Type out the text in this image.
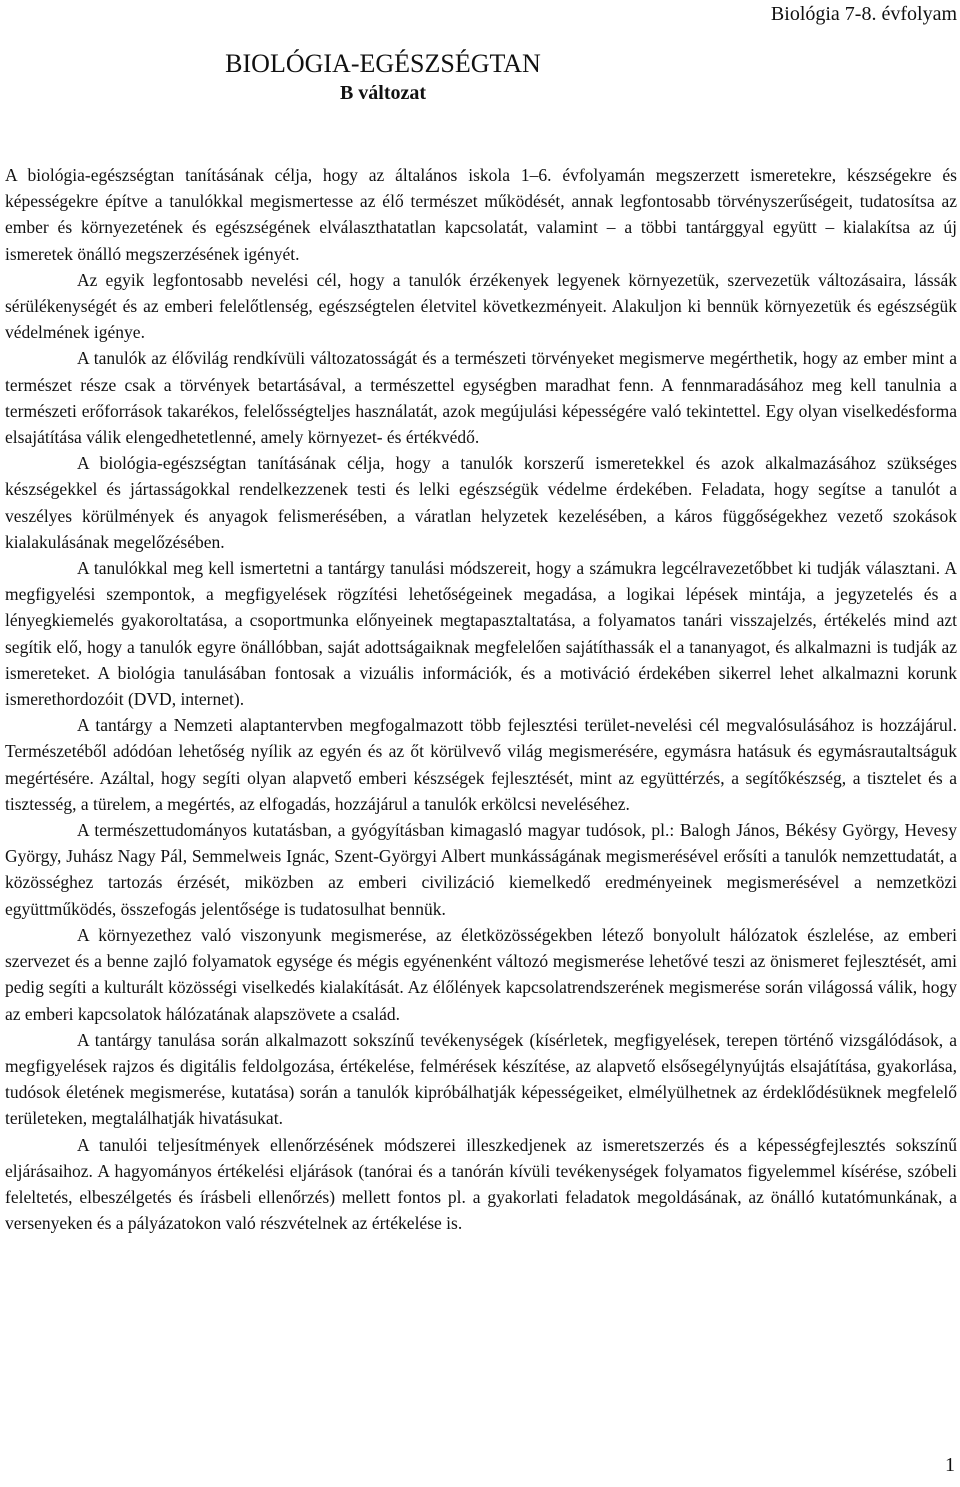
Biológia 7-8. évfolyam
BIOLÓGIA-EGÉSZSÉGTAN
B változat

A biológia-egészségtan tanításának célja, hogy az általános iskola 1–6. évfolyamán megszerzett ismeretekre, készségekre és képességekre építve a tanulókkal megismertesse az élő természet működését, annak legfontosabb törvényszerűségeit, tudatosítsa az ember és környezetének és egészségének elválaszthatatlan kapcsolatát, valamint – a többi tantárggyal együtt – kialakítsa az új ismeretek önálló megszerzésének igényét.

Az egyik legfontosabb nevelési cél, hogy a tanulók érzékenyek legyenek környezetük, szervezetük változásaira, lássák sérülékenységét és az emberi felelőtlenség, egészségtelen életvitel következményeit. Alakuljon ki bennük környezetük és egészségük védelmének igénye.

A tanulók az élővilág rendkívüli változatosságát és a természeti törvényeket megismerve megérthetik, hogy az ember mint a természet része csak a törvények betartásával, a természettel egységben maradhat fenn. A fennmaradásához meg kell tanulnia a természeti erőforrások takarékos, felelősségteljes használatát, azok megújulási képességére való tekintettel. Egy olyan viselkedésforma elsajátítása válik elengedhetetlenné, amely környezet- és értékvédő.

A biológia-egészségtan tanításának célja, hogy a tanulók korszerű ismeretekkel és azok alkalmazásához szükséges készségekkel és jártasságokkal rendelkezzenek testi és lelki egészségük védelme érdekében. Feladata, hogy segítse a tanulót a veszélyes körülmények és anyagok felismerésében, a váratlan helyzetek kezelésében, a káros függőségekhez vezető szokások kialakulásának megelőzésében.

A tanulókkal meg kell ismertetni a tantárgy tanulási módszereit, hogy a számukra legcélravezetőbbet ki tudják választani. A megfigyelési szempontok, a megfigyelések rögzítési lehetőségeinek megadása, a logikai lépések mintája, a jegyzetelés és a lényegkiemelés gyakoroltatása, a csoportmunka előnyeinek megtapasztaltatása, a folyamatos tanári visszajelzés, értékelés mind azt segítik elő, hogy a tanulók egyre önállóbban, saját adottságaiknak megfelelően sajátíthassák el a tananyagot, és alkalmazni is tudják az ismereteket. A biológia tanulásában fontosak a vizuális információk, és a motiváció érdekében sikerrel lehet alkalmazni korunk ismerethordozóit (DVD, internet).

A tantárgy a Nemzeti alaptantervben megfogalmazott több fejlesztési terület-nevelési cél megvalósulásához is hozzájárul. Természetéből adódóan lehetőség nyílik az egyén és az őt körülvevő világ megismerésére, egymásra hatásuk és egymásrautaltságuk megértésére. Azáltal, hogy segíti olyan alapvető emberi készségek fejlesztését, mint az együttérzés, a segítőkészség, a tisztelet és a tisztesség, a türelem, a megértés, az elfogadás, hozzájárul a tanulók erkölcsi neveléséhez.

A természettudományos kutatásban, a gyógyításban kimagasló magyar tudósok, pl.: Balogh János, Békésy György, Hevesy György, Juhász Nagy Pál, Semmelweis Ignác, Szent-Györgyi Albert munkásságának megismerésével erősíti a tanulók nemzettudatát, a közösséghez tartozás érzését, miközben az emberi civilizáció kiemelkedő eredményeinek megismerésével a nemzetközi együttműködés, összefogás jelentősége is tudatosulhat bennük.

A környezethez való viszonyunk megismerése, az életközösségekben létező bonyolult hálózatok észlelése, az emberi szervezet és a benne zajló folyamatok egysége és mégis egyénenként változó megismerése lehetővé teszi az önismeret fejlesztését, ami pedig segíti a kulturált közösségi viselkedés kialakítását. Az élőlények kapcsolatrendszerének megismerése során világossá válik, hogy az emberi kapcsolatok hálózatának alapszövete a család.

A tantárgy tanulása során alkalmazott sokszínű tevékenységek (kísérletek, megfigyelések, terepen történő vizsgálódások, a megfigyelések rajzos és digitális feldolgozása, értékelése, felmérések készítése, az alapvető elsősegélynyújtás elsajátítása, gyakorlása, tudósok életének megismerése, kutatása) során a tanulók kipróbálhatják képességeiket, elmélyülhetnek az érdeklődésüknek megfelelő területeken, megtalálhatják hivatásukat.

A tanulói teljesítmények ellenőrzésének módszerei illeszkedjenek az ismeretszerzés és a képességfejlesztés sokszínű eljárásaihoz. A hagyományos értékelési eljárások (tanórai és a tanórán kívüli tevékenységek folyamatos figyelemmel kísérése, szóbeli feleltetés, elbeszélgetés és írásbeli ellenőrzés) mellett fontos pl. a gyakorlati feladatok megoldásának, az önálló kutatómunkának, a versenyeken és a pályázatokon való részvételnek az értékelése is.

1
